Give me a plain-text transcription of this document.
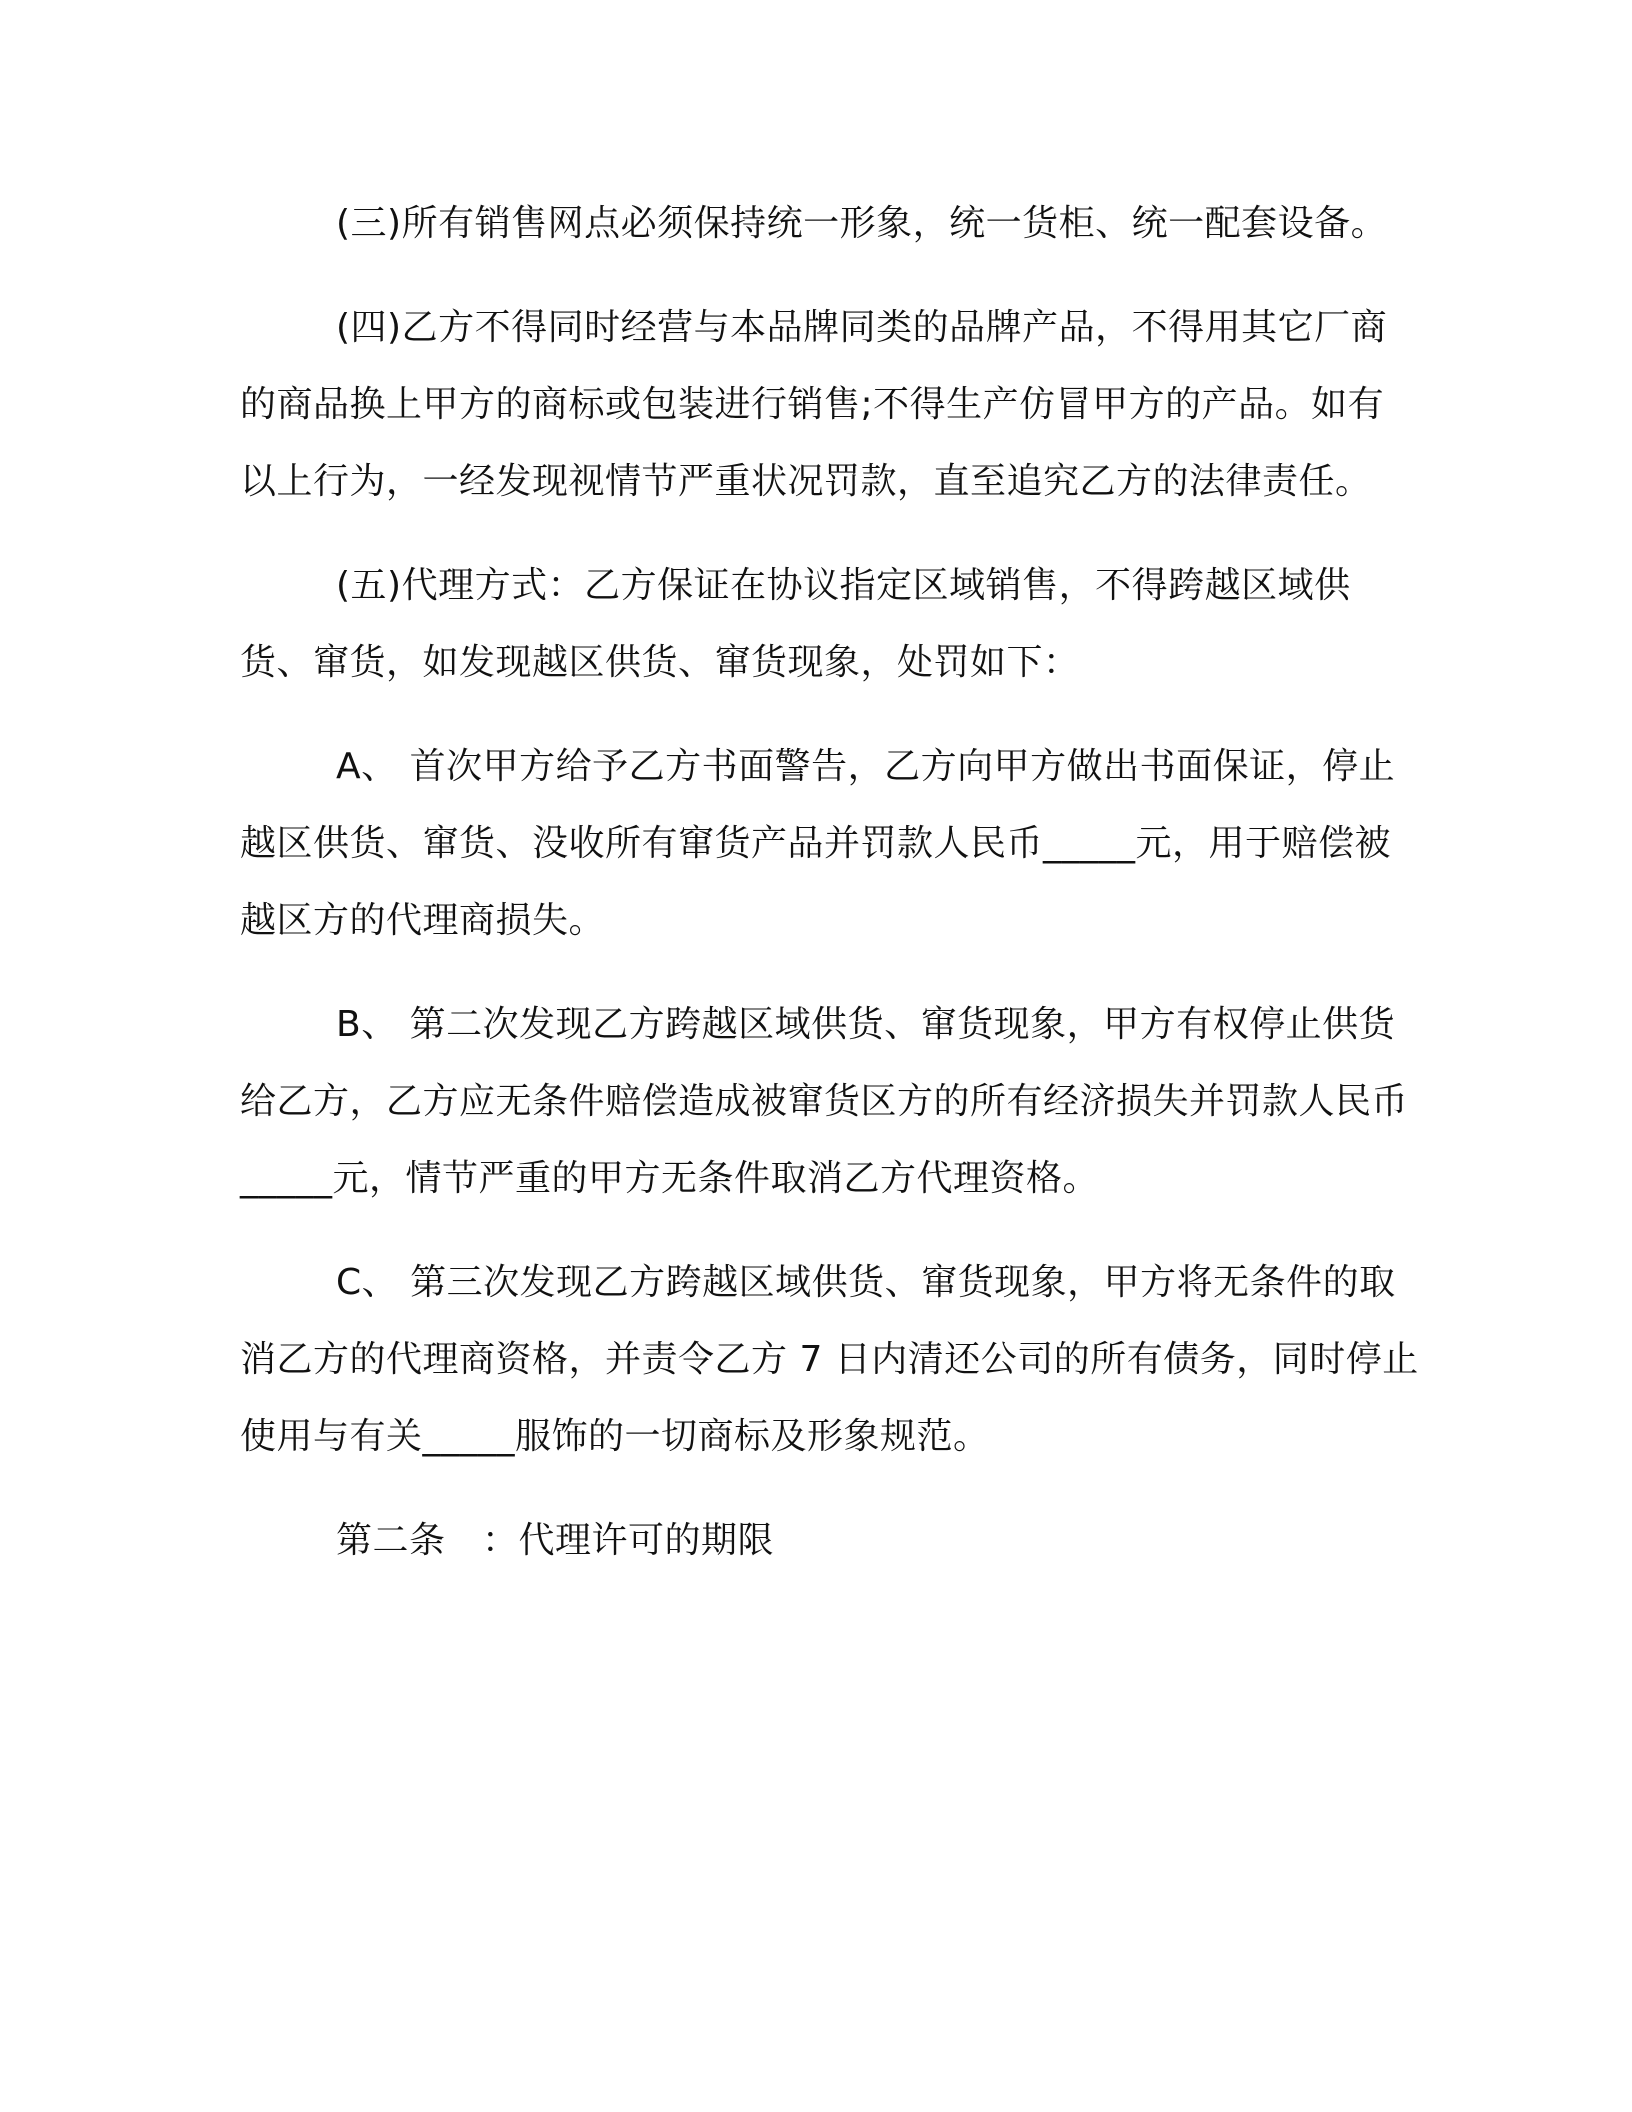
(三)所有销售网点必须保持统一形象，统一货柜、统一配套设备。

(四)乙方不得同时经营与本品牌同类的品牌产品，不得用其它厂商的商品换上甲方的商标或包装进行销售;不得生产仿冒甲方的产品。如有以上行为，一经发现视情节严重状况罚款，直至追究乙方的法律责任。

(五)代理方式：乙方保证在协议指定区域销售，不得跨越区域供货、窜货，如发现越区供货、窜货现象，处罚如下：

A、 首次甲方给予乙方书面警告，乙方向甲方做出书面保证，停止越区供货、窜货、没收所有窜货产品并罚款人民币_____元，用于赔偿被越区方的代理商损失。

B、 第二次发现乙方跨越区域供货、窜货现象，甲方有权停止供货给乙方，乙方应无条件赔偿造成被窜货区方的所有经济损失并罚款人民币_____元，情节严重的甲方无条件取消乙方代理资格。

C、 第三次发现乙方跨越区域供货、窜货现象，甲方将无条件的取消乙方的代理商资格，并责令乙方 7 日内清还公司的所有债务，同时停止使用与有关_____服饰的一切商标及形象规范。

第二条　：代理许可的期限
